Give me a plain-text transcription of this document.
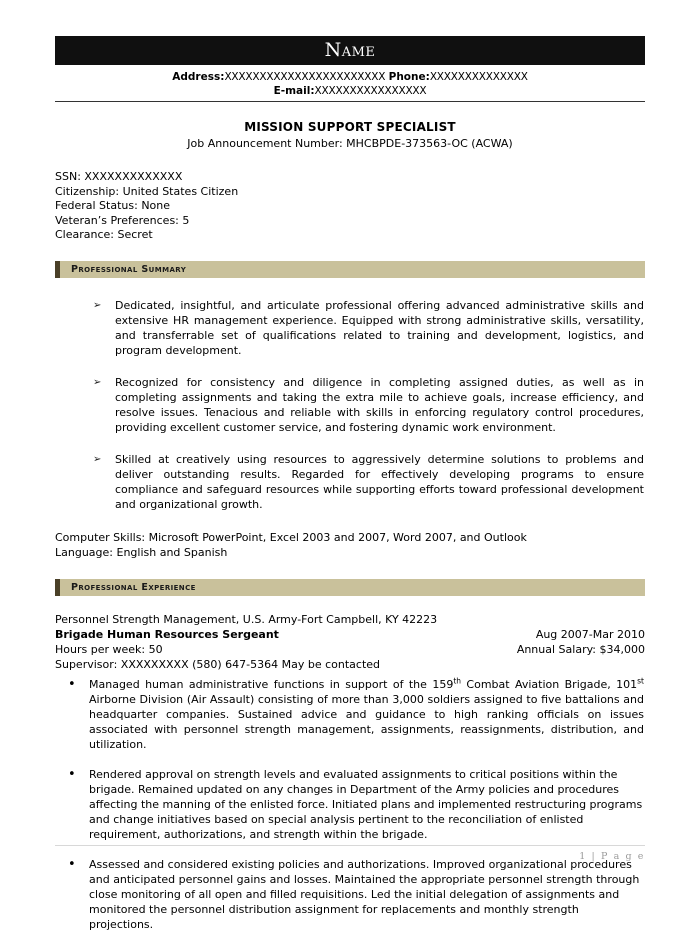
Name
Address:XXXXXXXXXXXXXXXXXXXXXXX Phone:XXXXXXXXXXXXXX
E-mail:XXXXXXXXXXXXXXXX
MISSION SUPPORT SPECIALIST
Job Announcement Number: MHCBPDE-373563-OC (ACWA)
SSN: XXXXXXXXXXXXX
Citizenship: United States Citizen
Federal Status: None
Veteran’s Preferences: 5
Clearance: Secret
Professional Summary
➢	Dedicated, insightful, and articulate professional offering advanced administrative skills and extensive HR management experience. Equipped with strong administrative skills, versatility, and transferrable set of qualifications related to training and development, logistics, and program development.
➢	Recognized for consistency and diligence in completing assigned duties, as well as in completing assignments and taking the extra mile to achieve goals, increase efficiency, and resolve issues. Tenacious and reliable with skills in enforcing regulatory control procedures, providing excellent customer service, and fostering dynamic work environment.
➢	Skilled at creatively using resources to aggressively determine solutions to problems and deliver outstanding results. Regarded for effectively developing programs to ensure compliance and safeguard resources while supporting efforts toward professional development and organizational growth.
Computer Skills: Microsoft PowerPoint, Excel 2003 and 2007, Word 2007, and Outlook
Language: English and Spanish
Professional Experience
Personnel Strength Management, U.S. Army-Fort Campbell, KY 42223
Brigade Human Resources Sergeant	Aug 2007-Mar 2010
Hours per week: 50	Annual Salary: $34,000
Supervisor: XXXXXXXXX (580) 647-5364 May be contacted
•	Managed human administrative functions in support of the 159th Combat Aviation Brigade, 101st Airborne Division (Air Assault) consisting of more than 3,000 soldiers assigned to five battalions and headquarter companies. Sustained advice and guidance to high ranking officials on issues associated with personnel strength management, assignments, reassignments, distribution, and utilization.
•	Rendered approval on strength levels and evaluated assignments to critical positions within the brigade. Remained updated on any changes in Department of the Army policies and procedures affecting the manning of the enlisted force. Initiated plans and implemented restructuring programs and change initiatives based on special analysis pertinent to the reconciliation of enlisted requirement, authorizations, and strength within the brigade.
•	Assessed and considered existing policies and authorizations. Improved organizational procedures and anticipated personnel gains and losses. Maintained the appropriate personnel strength through close monitoring of all open and filled requisitions. Led the initial delegation of assignments and monitored the personnel distribution assignment for replacements and monthly strength projections.
1 | P a g e
